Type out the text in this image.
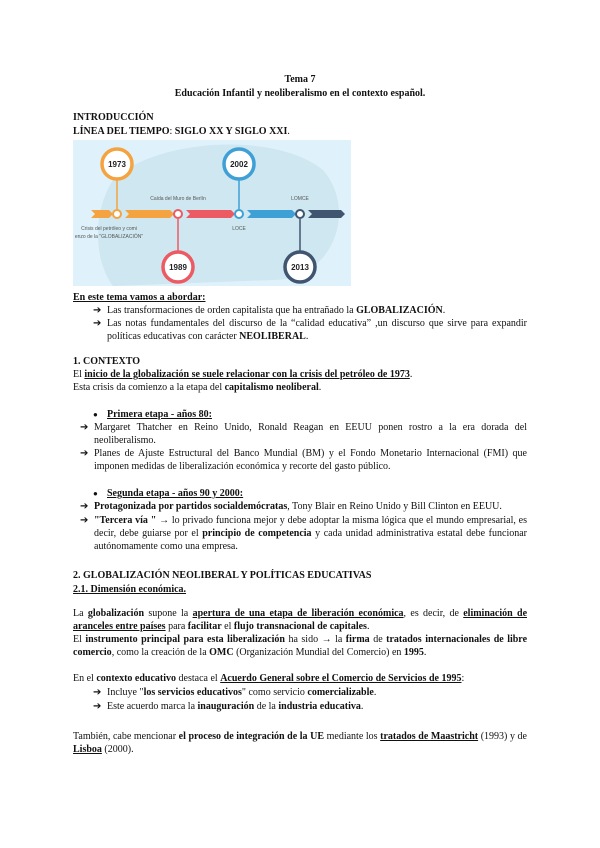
Tema 7
Educación Infantil y neoliberalismo en el contexto español.
INTRODUCCIÓN
LÍNEA DEL TIEMPO: SIGLO XX Y SIGLO XXI.
1973
Crisis del petróleo y comi
enzo de la "GLOBALIZACIÓN"
1989
Caída del Muro de Berlín
2002
LOCE
2013
LOMCE
En este tema vamos a abordar:
➔ Las transformaciones de orden capitalista que ha entrañado la GLOBALIZACIÓN.
➔ Las notas fundamentales del discurso de la “calidad educativa” ,un discurso que sirve para expandir políticas educativas con carácter NEOLIBERAL.
1. CONTEXTO
El inicio de la globalización se suele relacionar con la crisis del petróleo de 1973.
Esta crisis da comienzo a la etapa del capitalismo neoliberal.
● Primera etapa - años 80:
➔ Margaret Thatcher en Reino Unido, Ronald Reagan en EEUU ponen rostro a la era dorada del neoliberalismo.
➔ Planes de Ajuste Estructural del Banco Mundial (BM) y el Fondo Monetario Internacional (FMI) que imponen medidas de liberalización económica y recorte del gasto público.
● Segunda etapa - años 90 y 2000:
➔ Protagonizada por partidos socialdemócratas, Tony Blair en Reino Unido y Bill Clinton en EEUU.
➔ "Tercera vía " → lo privado funciona mejor y debe adoptar la misma lógica que el mundo empresarial, es decir, debe guiarse por el principio de competencia y cada unidad administrativa estatal debe funcionar autónomamente como una empresa.
2. GLOBALIZACIÓN NEOLIBERAL Y POLÍTICAS EDUCATIVAS
2.1. Dimensión económica.
La globalización supone la apertura de una etapa de liberación económica, es decir, de eliminación de aranceles entre países para facilitar el flujo transnacional de capitales.
El instrumento principal para esta liberalización ha sido → la firma de tratados internacionales de libre comercio, como la creación de la OMC (Organización Mundial del Comercio) en 1995.
En el contexto educativo destaca el Acuerdo General sobre el Comercio de Servicios de 1995:
➔ Incluye "los servicios educativos" como servicio comercializable.
➔ Este acuerdo marca la inauguración de la industria educativa.
También, cabe mencionar el proceso de integración de la UE mediante los tratados de Maastricht (1993) y de Lisboa (2000).
